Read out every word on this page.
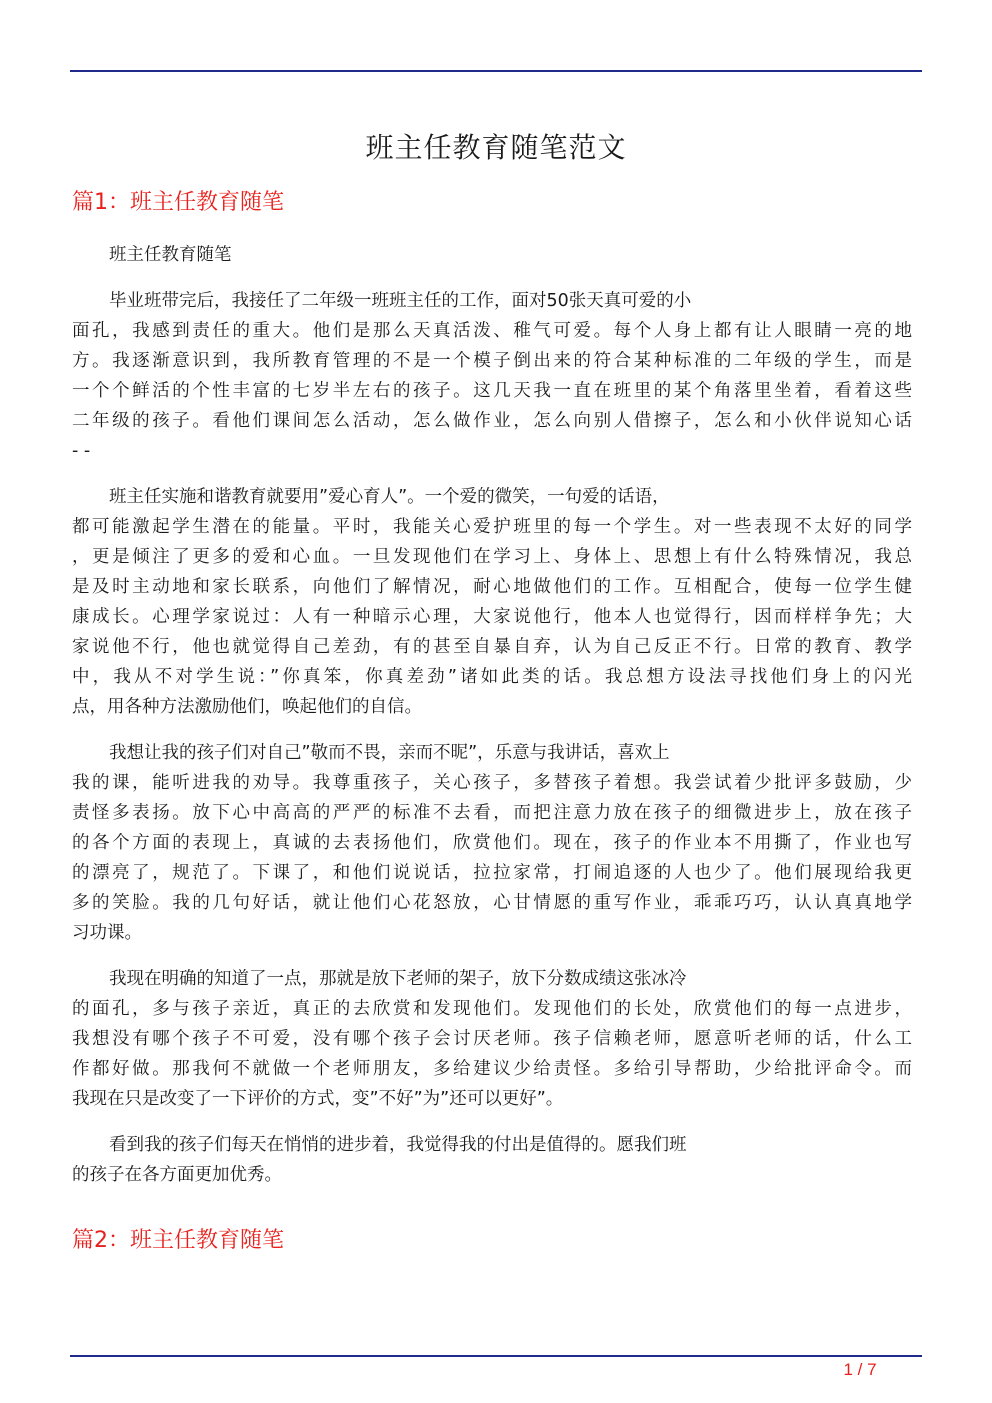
班主任教育随笔范文
篇1：班主任教育随笔
班主任教育随笔
毕业班带完后，我接任了二年级一班班主任的工作，面对50张天真可爱的小
面孔，我感到责任的重大。他们是那么天真活泼、稚气可爱。每个人身上都有让人眼睛一亮的地
方。我逐渐意识到，我所教育管理的不是一个模子倒出来的符合某种标准的二年级的学生，而是
一个个鲜活的个性丰富的七岁半左右的孩子。这几天我一直在班里的某个角落里坐着，看着这些
二年级的孩子。看他们课间怎么活动，怎么做作业，怎么向别人借擦子，怎么和小伙伴说知心话
- -
班主任实施和谐教育就要用”爱心育人”。一个爱的微笑，一句爱的话语，
都可能激起学生潜在的能量。平时，我能关心爱护班里的每一个学生。对一些表现不太好的同学
，更是倾注了更多的爱和心血。一旦发现他们在学习上、身体上、思想上有什么特殊情况，我总
是及时主动地和家长联系，向他们了解情况，耐心地做他们的工作。互相配合，使每一位学生健
康成长。心理学家说过：人有一种暗示心理，大家说他行，他本人也觉得行，因而样样争先；大
家说他不行，他也就觉得自己差劲，有的甚至自暴自弃，认为自己反正不行。日常的教育、教学
中，我从不对学生说：”你真笨，你真差劲”诸如此类的话。我总想方设法寻找他们身上的闪光
点，用各种方法激励他们，唤起他们的自信。
我想让我的孩子们对自己”敬而不畏，亲而不昵”，乐意与我讲话，喜欢上
我的课，能听进我的劝导。我尊重孩子，关心孩子，多替孩子着想。我尝试着少批评多鼓励，少
责怪多表扬。放下心中高高的严严的标准不去看，而把注意力放在孩子的细微进步上，放在孩子
的各个方面的表现上，真诚的去表扬他们，欣赏他们。现在，孩子的作业本不用撕了，作业也写
的漂亮了，规范了。下课了，和他们说说话，拉拉家常，打闹追逐的人也少了。他们展现给我更
多的笑脸。我的几句好话，就让他们心花怒放，心甘情愿的重写作业，乖乖巧巧，认认真真地学
习功课。
我现在明确的知道了一点，那就是放下老师的架子，放下分数成绩这张冰冷
的面孔，多与孩子亲近，真正的去欣赏和发现他们。发现他们的长处，欣赏他们的每一点进步，
我想没有哪个孩子不可爱，没有哪个孩子会讨厌老师。孩子信赖老师，愿意听老师的话，什么工
作都好做。那我何不就做一个老师朋友，多给建议少给责怪。多给引导帮助，少给批评命令。而
我现在只是改变了一下评价的方式，变”不好”为”还可以更好”。
看到我的孩子们每天在悄悄的进步着，我觉得我的付出是值得的。愿我们班
的孩子在各方面更加优秀。
篇2：班主任教育随笔
1 / 7
